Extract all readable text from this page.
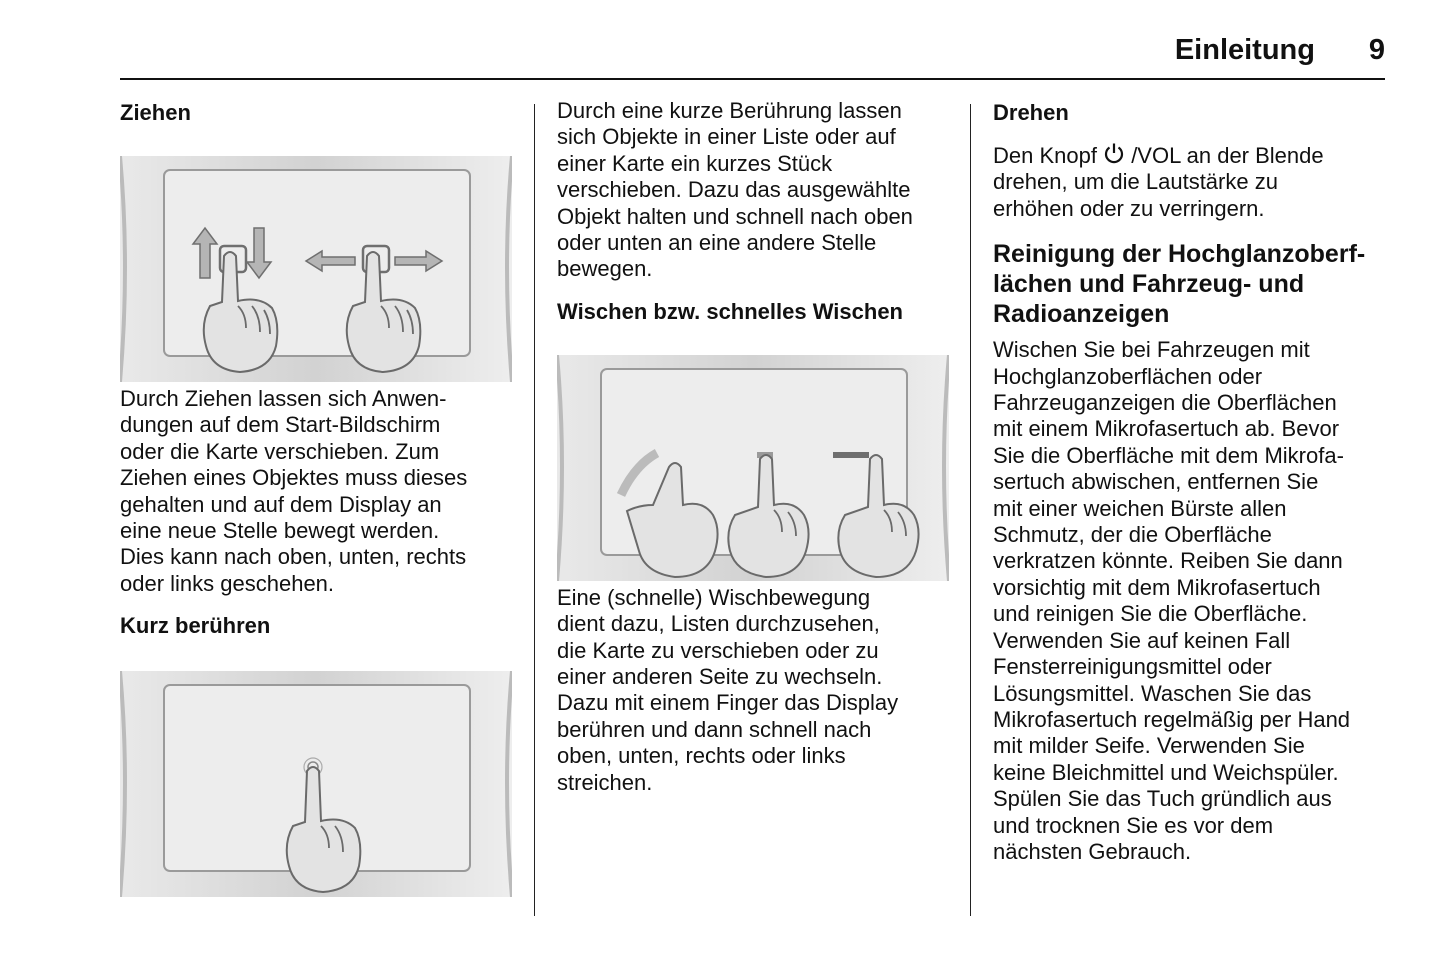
Einleitung 9
Ziehen
Durch Ziehen lassen sich Anwen-
dungen auf dem Start-Bildschirm
oder die Karte verschieben. Zum
Ziehen eines Objektes muss dieses
gehalten und auf dem Display an
eine neue Stelle bewegt werden.
Dies kann nach oben, unten, rechts
oder links geschehen.
Kurz berühren
Durch eine kurze Berührung lassen
sich Objekte in einer Liste oder auf
einer Karte ein kurzes Stück
verschieben. Dazu das ausgewählte
Objekt halten und schnell nach oben
oder unten an eine andere Stelle
bewegen.
Wischen bzw. schnelles Wischen
Eine (schnelle) Wischbewegung
dient dazu, Listen durchzusehen,
die Karte zu verschieben oder zu
einer anderen Seite zu wechseln.
Dazu mit einem Finger das Display
berühren und dann schnell nach
oben, unten, rechts oder links
streichen.
Drehen
Den Knopf  /VOL an der Blende
drehen, um die Lautstärke zu
erhöhen oder zu verringern.
Reinigung der Hochglanzoberf-
lächen und Fahrzeug- und
Radioanzeigen
Wischen Sie bei Fahrzeugen mit
Hochglanzoberflächen oder
Fahrzeuganzeigen die Oberflächen
mit einem Mikrofasertuch ab. Bevor
Sie die Oberfläche mit dem Mikrofa-
sertuch abwischen, entfernen Sie
mit einer weichen Bürste allen
Schmutz, der die Oberfläche
verkratzen könnte. Reiben Sie dann
vorsichtig mit dem Mikrofasertuch
und reinigen Sie die Oberfläche.
Verwenden Sie auf keinen Fall
Fensterreinigungsmittel oder
Lösungsmittel. Waschen Sie das
Mikrofasertuch regelmäßig per Hand
mit milder Seife. Verwenden Sie
keine Bleichmittel und Weichspüler.
Spülen Sie das Tuch gründlich aus
und trocknen Sie es vor dem
nächsten Gebrauch.
